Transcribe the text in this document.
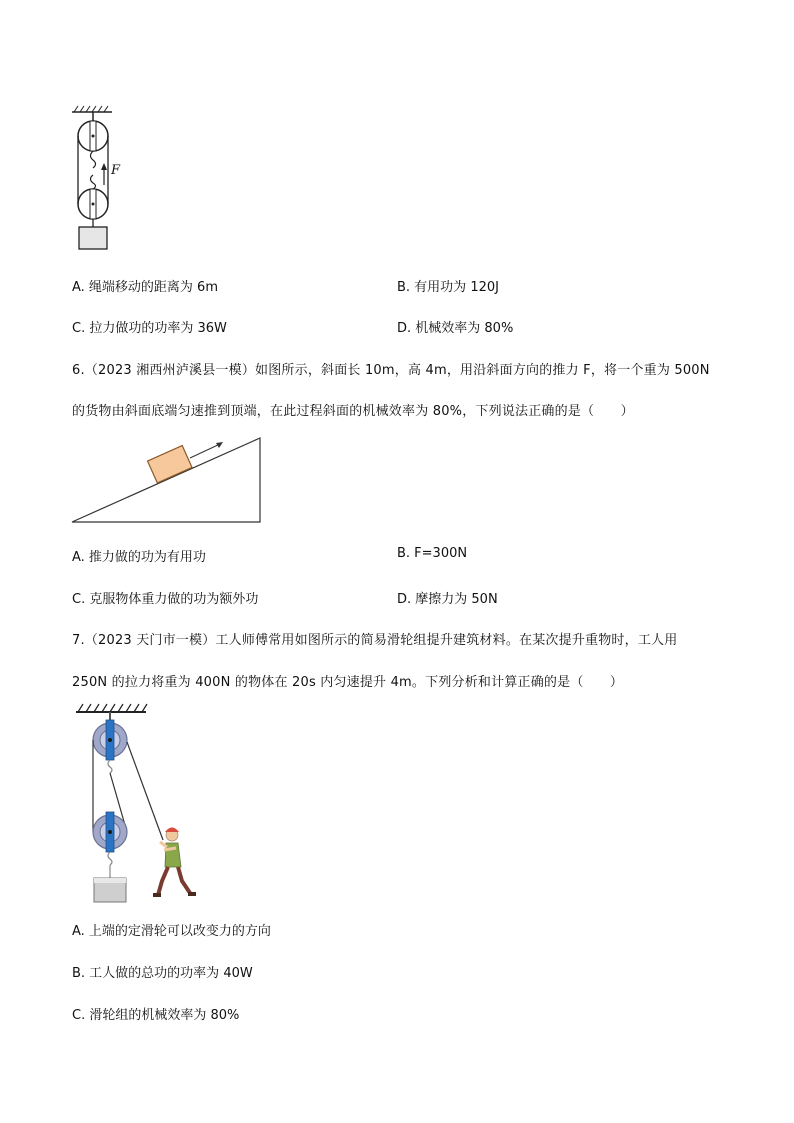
F
A. 绳端移动的距离为 6m	B. 有用功为 120J
C. 拉力做功的功率为 36W	D. 机械效率为 80%
6.（2023 湘西州泸溪县一模）如图所示，斜面长 10m，高 4m，用沿斜面方向的推力 F，将一个重为 500N
的货物由斜面底端匀速推到顶端，在此过程斜面的机械效率为 80%，下列说法正确的是（　　）
A. 推力做的功为有用功	B. F=300N
C. 克服物体重力做的功为额外功	D. 摩擦力为 50N
7.（2023 天门市一模）工人师傅常用如图所示的简易滑轮组提升建筑材料。在某次提升重物时，工人用
250N 的拉力将重为 400N 的物体在 20s 内匀速提升 4m。下列分析和计算正确的是（　　）
A. 上端的定滑轮可以改变力的方向
B. 工人做的总功的功率为 40W
C. 滑轮组的机械效率为 80%
